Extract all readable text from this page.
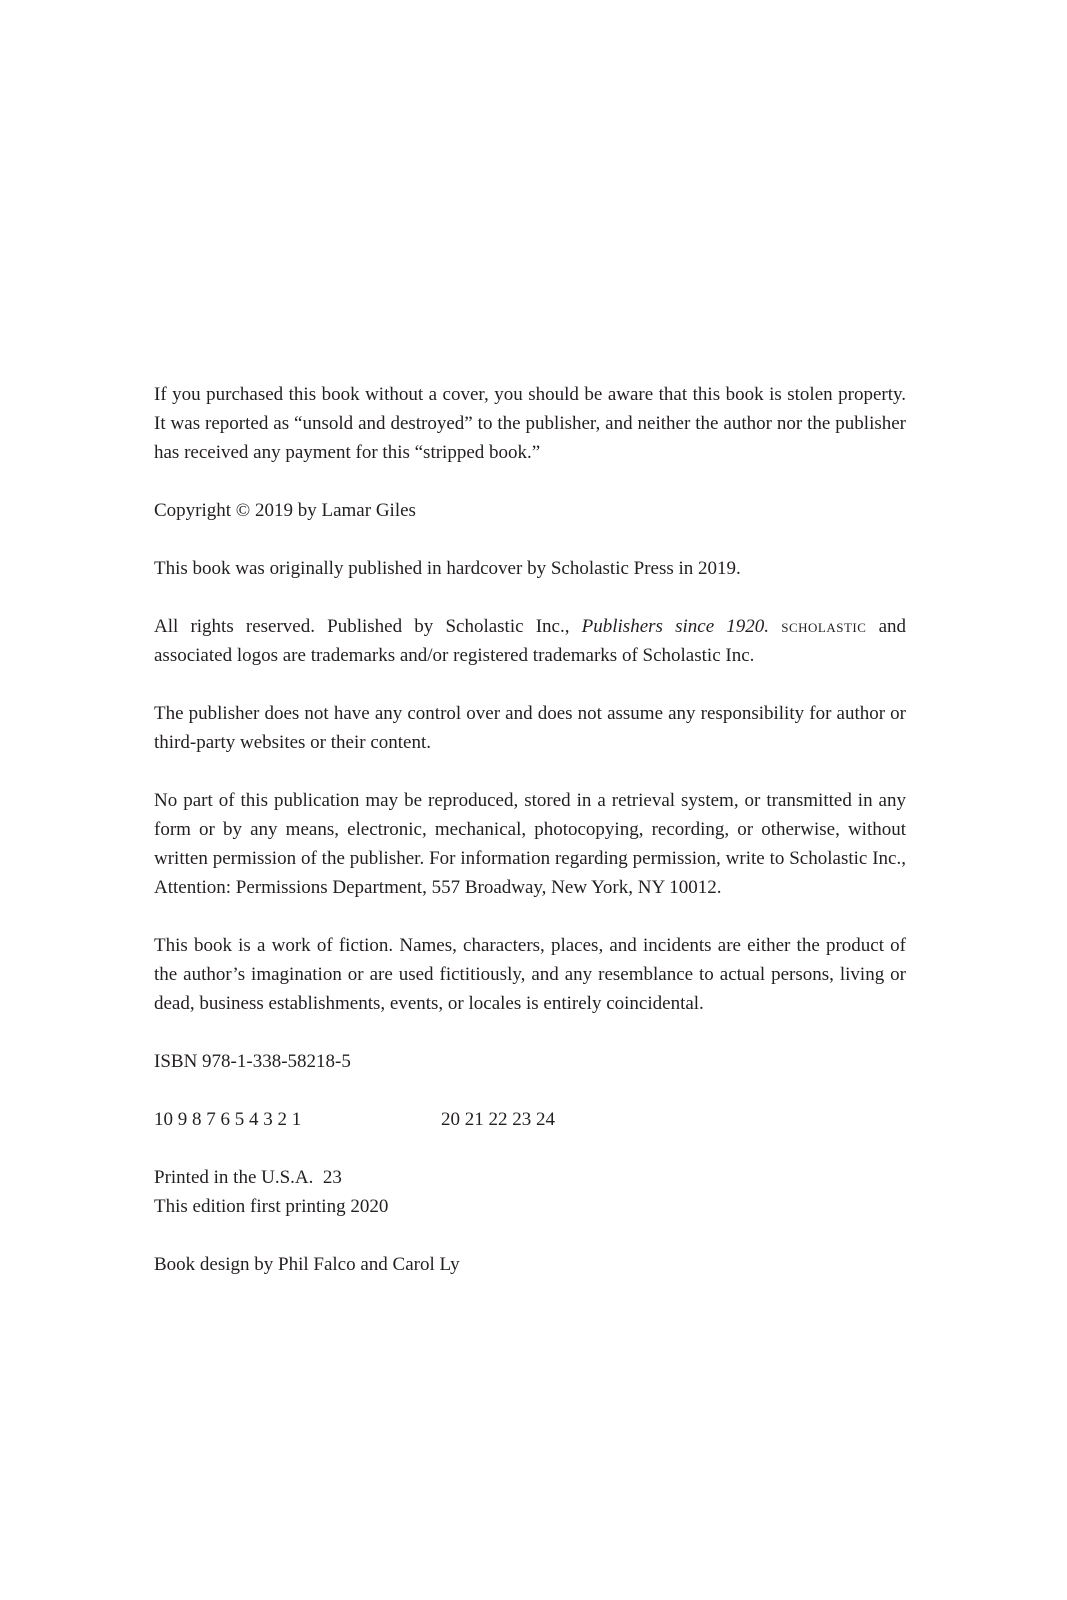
If you purchased this book without a cover, you should be aware that this book is stolen property. It was reported as “unsold and destroyed” to the publisher, and neither the author nor the publisher has received any payment for this “stripped book.”

Copyright © 2019 by Lamar Giles

This book was originally published in hardcover by Scholastic Press in 2019.

All rights reserved. Published by Scholastic Inc., Publishers since 1920. scholastic and associated logos are trademarks and/or registered trademarks of Scholastic Inc.

The publisher does not have any control over and does not assume any responsibility for author or third-party websites or their content.

No part of this publication may be reproduced, stored in a retrieval system, or transmitted in any form or by any means, electronic, mechanical, photocopying, recording, or otherwise, without written permission of the publisher. For information regarding permission, write to Scholastic Inc., Attention: Permissions Department, 557 Broadway, New York, NY 10012.

This book is a work of fiction. Names, characters, places, and incidents are either the product of the author’s imagination or are used fictitiously, and any resemblance to actual persons, living or dead, business establishments, events, or locales is entirely coincidental.

ISBN 978-1-338-58218-5

10 9 8 7 6 5 4 3 2 1	20 21 22 23 24

Printed in the U.S.A.  23

This edition first printing 2020

Book design by Phil Falco and Carol Ly
